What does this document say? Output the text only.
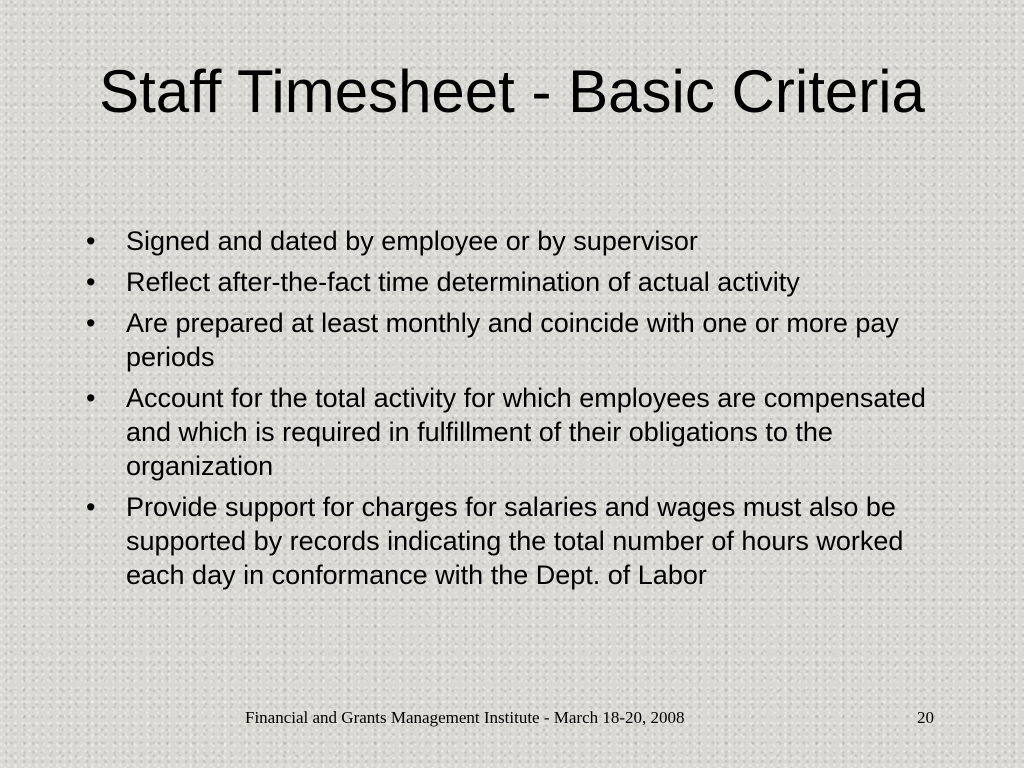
Staff Timesheet - Basic Criteria
• Signed and dated by employee or by supervisor
• Reflect after-the-fact time determination of actual activity
• Are prepared at least monthly and coincide with one or more pay periods
• Account for the total activity for which employees are compensated and which is required in fulfillment of their obligations to the organization
• Provide support for charges for salaries and wages must also be supported by records indicating the total number of hours worked each day in conformance with the Dept. of Labor
Financial and Grants Management Institute - March 18-20, 2008	20
